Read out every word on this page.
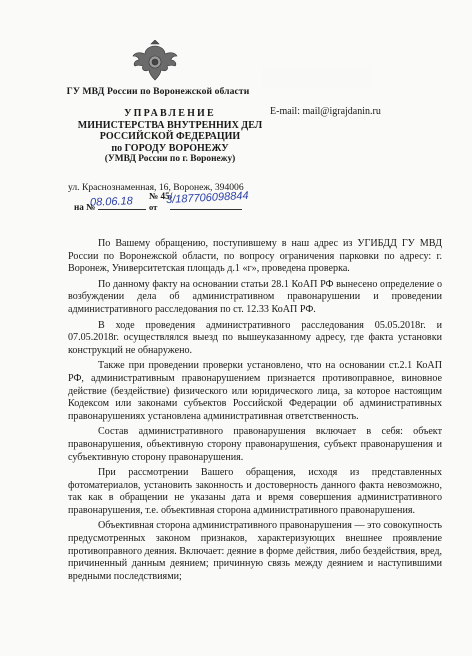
ГУ МВД России по Воронежской области
УПРАВЛЕНИЕ
МИНИСТЕРСТВА ВНУТРЕННИХ ДЕЛ
РОССИЙСКОЙ ФЕДЕРАЦИИ
по ГОРОДУ ВОРОНЕЖУ
(УМВД России по г. Воронежу)
ул. Краснознаменная, 16, Воронеж, 394006
08.06.18 № 45/
3/187706098844
на №	от
E-mail: mail@igrajdanin.ru

По Вашему обращению, поступившему в наш адрес из УГИБДД ГУ МВД России по Воронежской области, по вопросу ограничения парковки по адресу: г. Воронеж, Университетская площадь д.1 «г», проведена проверка.

По данному факту на основании статьи 28.1 КоАП РФ вынесено определение о возбуждении дела об административном правонарушении и проведении административного расследования по ст. 12.33 КоАП РФ.

В ходе проведения административного расследования 05.05.2018г. и 07.05.2018г. осуществлялся выезд по вышеуказанному адресу, где факта установки конструкций не обнаружено.

Также при проведении проверки установлено, что на основании ст.2.1 КоАП РФ, административным правонарушением признается противоправное, виновное действие (бездействие) физического или юридического лица, за которое настоящим Кодексом или законами субъектов Российской Федерации об административных правонарушениях установлена административная ответственность.

Состав административного правонарушения включает в себя: объект правонарушения, объективную сторону правонарушения, субъект правонарушения и субъективную сторону правонарушения.

При рассмотрении Вашего обращения, исходя из представленных фотоматериалов, установить законность и достоверность данного факта невозможно, так как в обращении не указаны дата и время совершения административного правонарушения, т.е. объективная сторона административного правонарушения.

Объективная сторона административного правонарушения — это совокупность предусмотренных законом признаков, характеризующих внешнее проявление противоправного деяния. Включает: деяние в форме действия, либо бездействия, вред, причиненный данным деянием; причинную связь между деянием и наступившими вредными последствиями;
